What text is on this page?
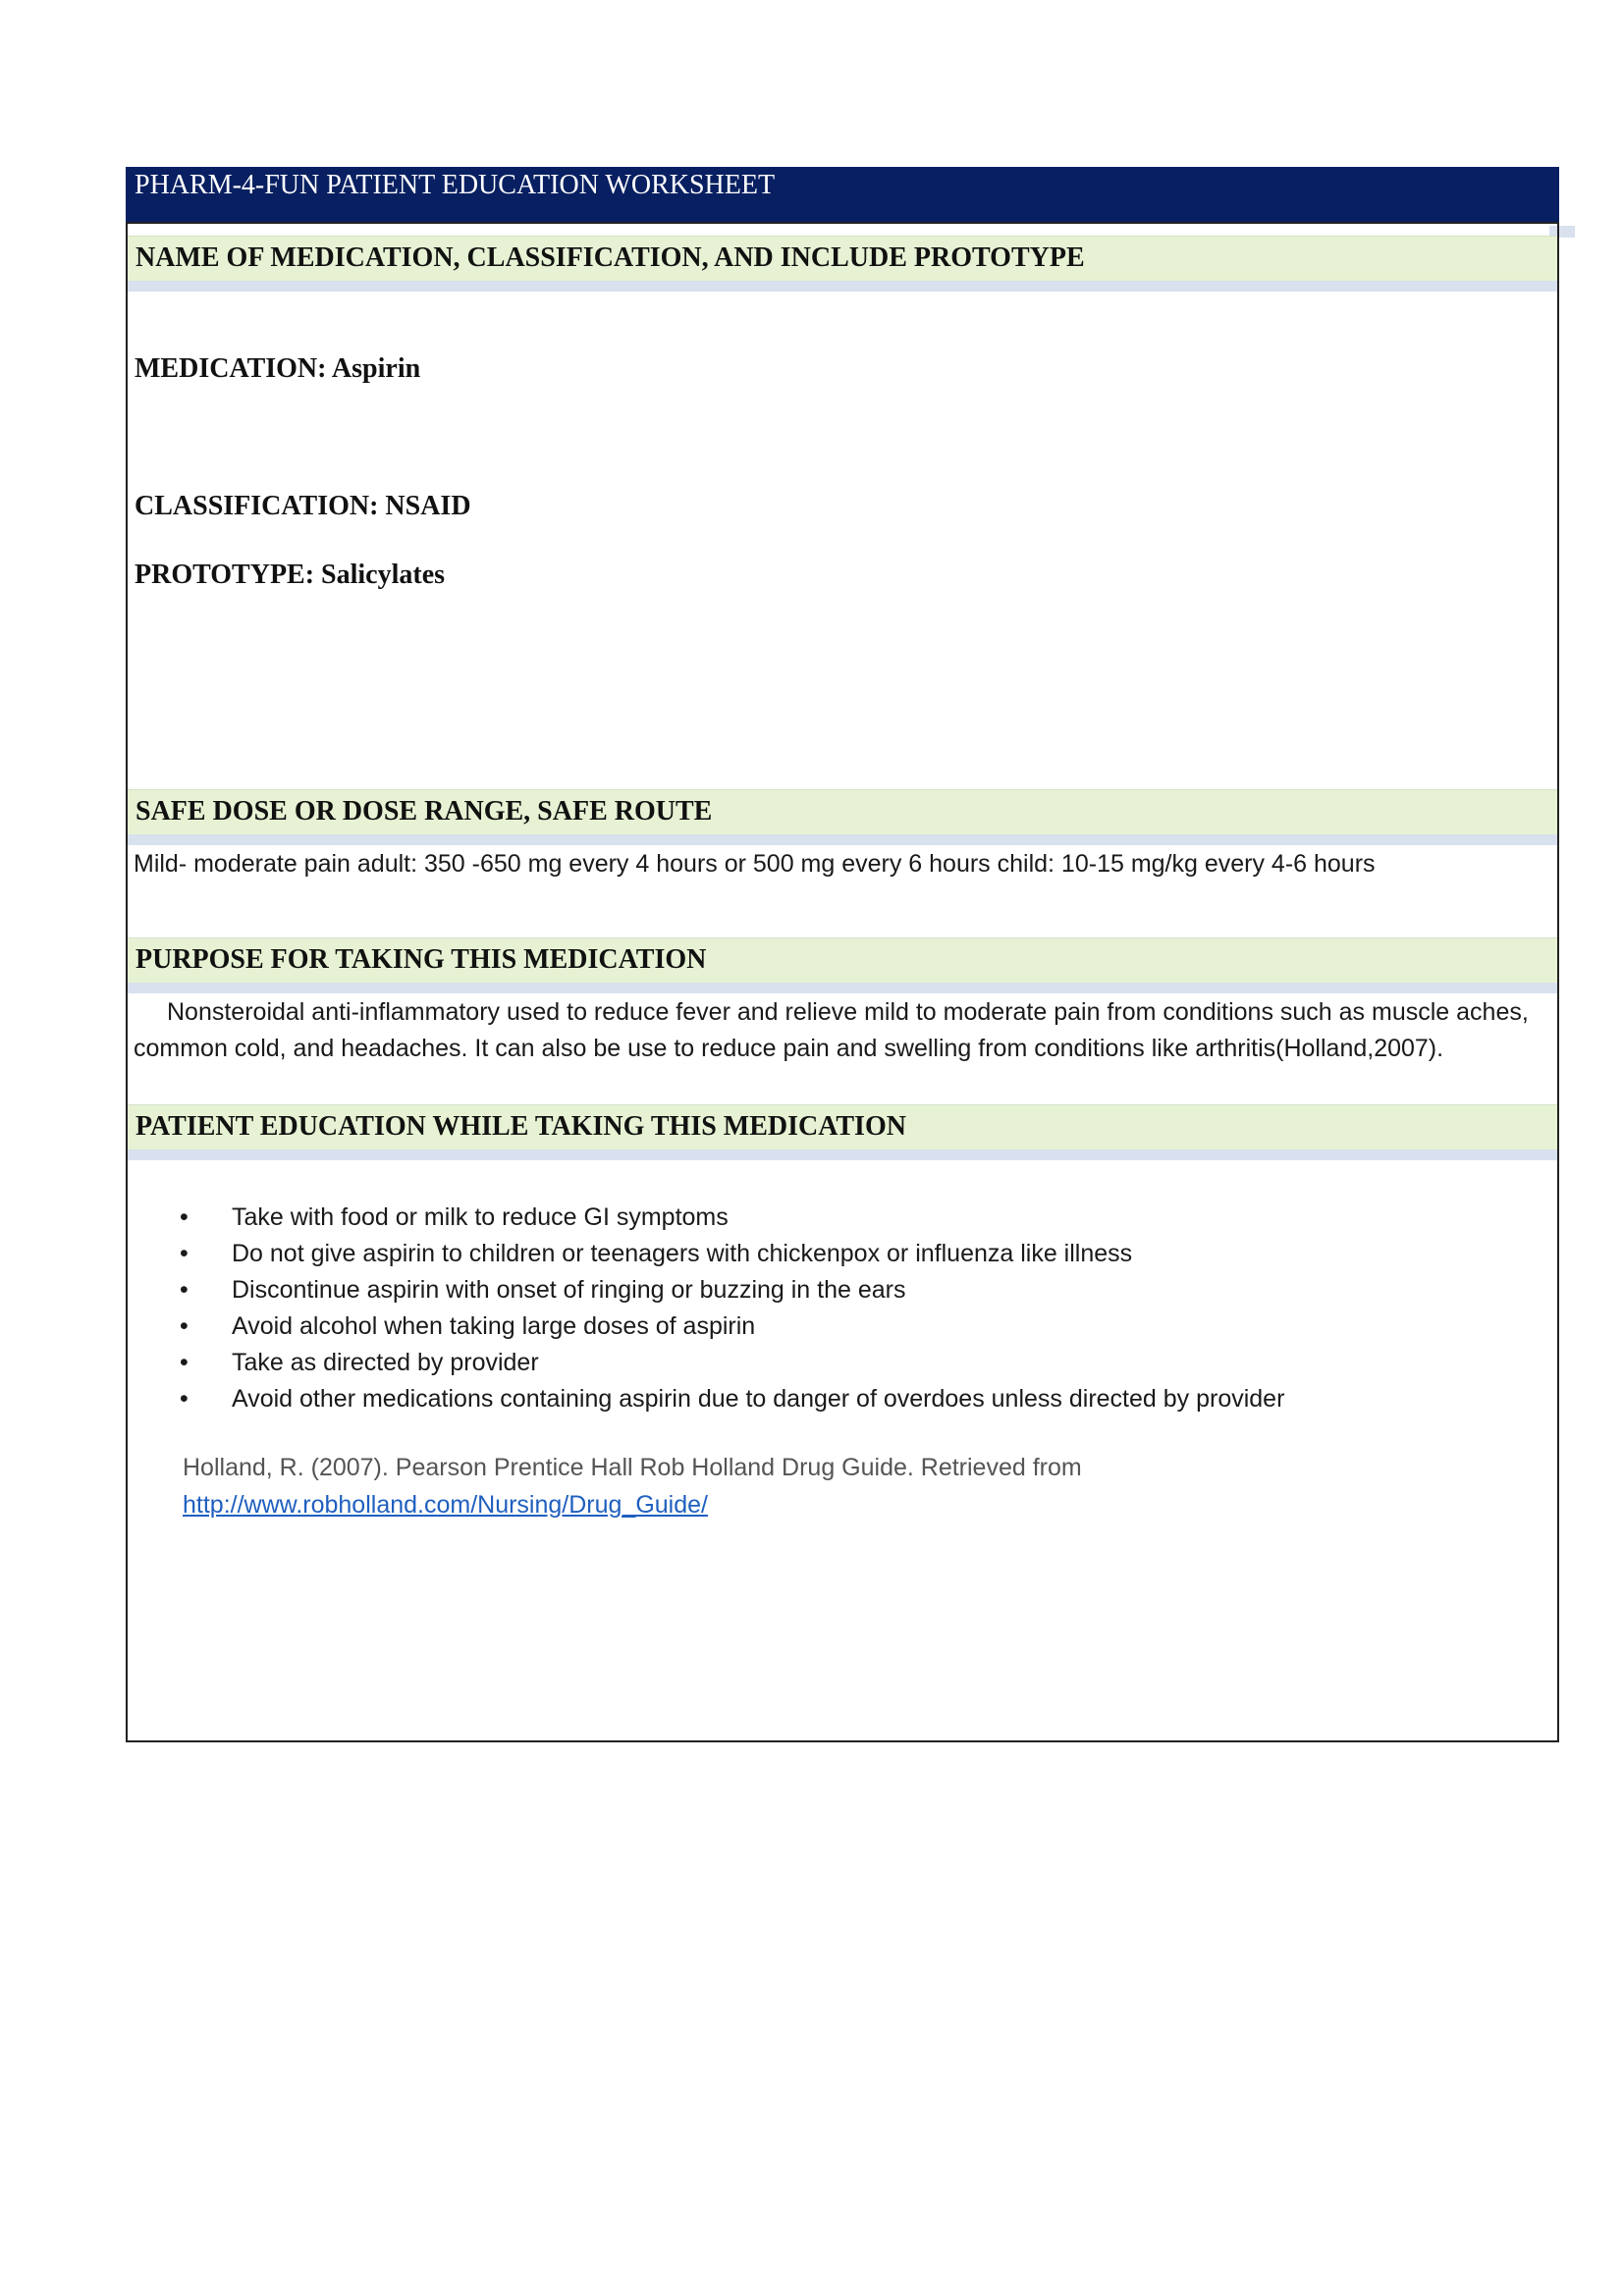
PHARM-4-FUN PATIENT EDUCATION WORKSHEET
NAME OF MEDICATION, CLASSIFICATION, AND INCLUDE PROTOTYPE
MEDICATION: Aspirin
CLASSIFICATION: NSAID
PROTOTYPE: Salicylates
SAFE DOSE OR DOSE RANGE, SAFE ROUTE
Mild- moderate pain adult: 350 -650 mg every 4 hours or 500 mg every 6 hours child: 10-15 mg/kg every 4-6 hours
PURPOSE FOR TAKING THIS MEDICATION
Nonsteroidal anti-inflammatory used to reduce fever and relieve mild to moderate pain from conditions such as muscle aches, common cold, and headaches. It can also be use to reduce pain and swelling from conditions like arthritis(Holland,2007).
PATIENT EDUCATION WHILE TAKING THIS MEDICATION
• Take with food or milk to reduce GI symptoms
• Do not give aspirin to children or teenagers with chickenpox or influenza like illness
• Discontinue aspirin with onset of ringing or buzzing in the ears
• Avoid alcohol when taking large doses of aspirin
• Take as directed by provider
• Avoid other medications containing aspirin due to danger of overdoes unless directed by provider
Holland, R. (2007). Pearson Prentice Hall Rob Holland Drug Guide. Retrieved from http://www.robholland.com/Nursing/Drug_Guide/
